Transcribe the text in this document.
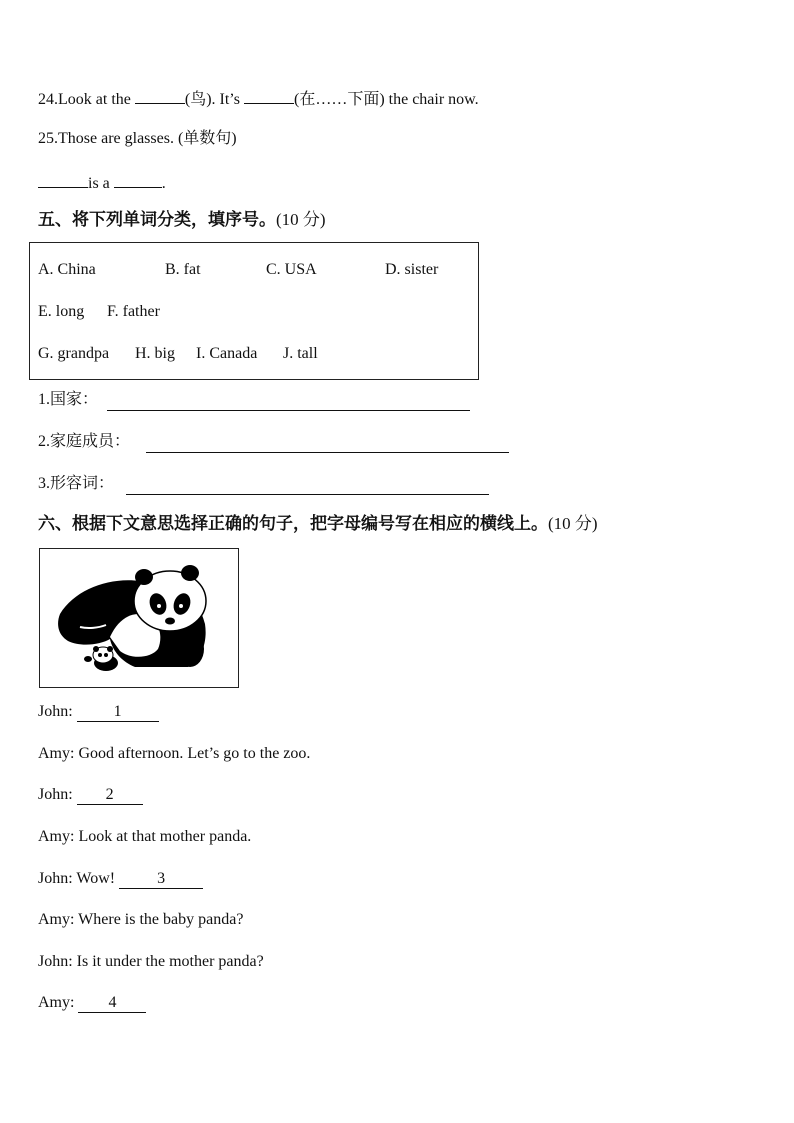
24.Look at the	(鸟). It’s	(在……下面) the chair now.
25.Those are glasses. (单数句)
is a	.
五、将下列单词分类，填序号。(10 分)
A. China	B. fat	C. USA	D. sister
E. long F. father
G. grandpa H. big I. Canada J. tall
1.国家：
2.家庭成员：
3.形容词：
六、根据下文意思选择正确的句子，把字母编号写在相应的横线上。(10 分)
John: 1
Amy: Good afternoon. Let’s go to the zoo.
John: 2
Amy: Look at that mother panda.
John: Wow! 3
Amy: Where is the baby panda?
John: Is it under the mother panda?
Amy: 4
